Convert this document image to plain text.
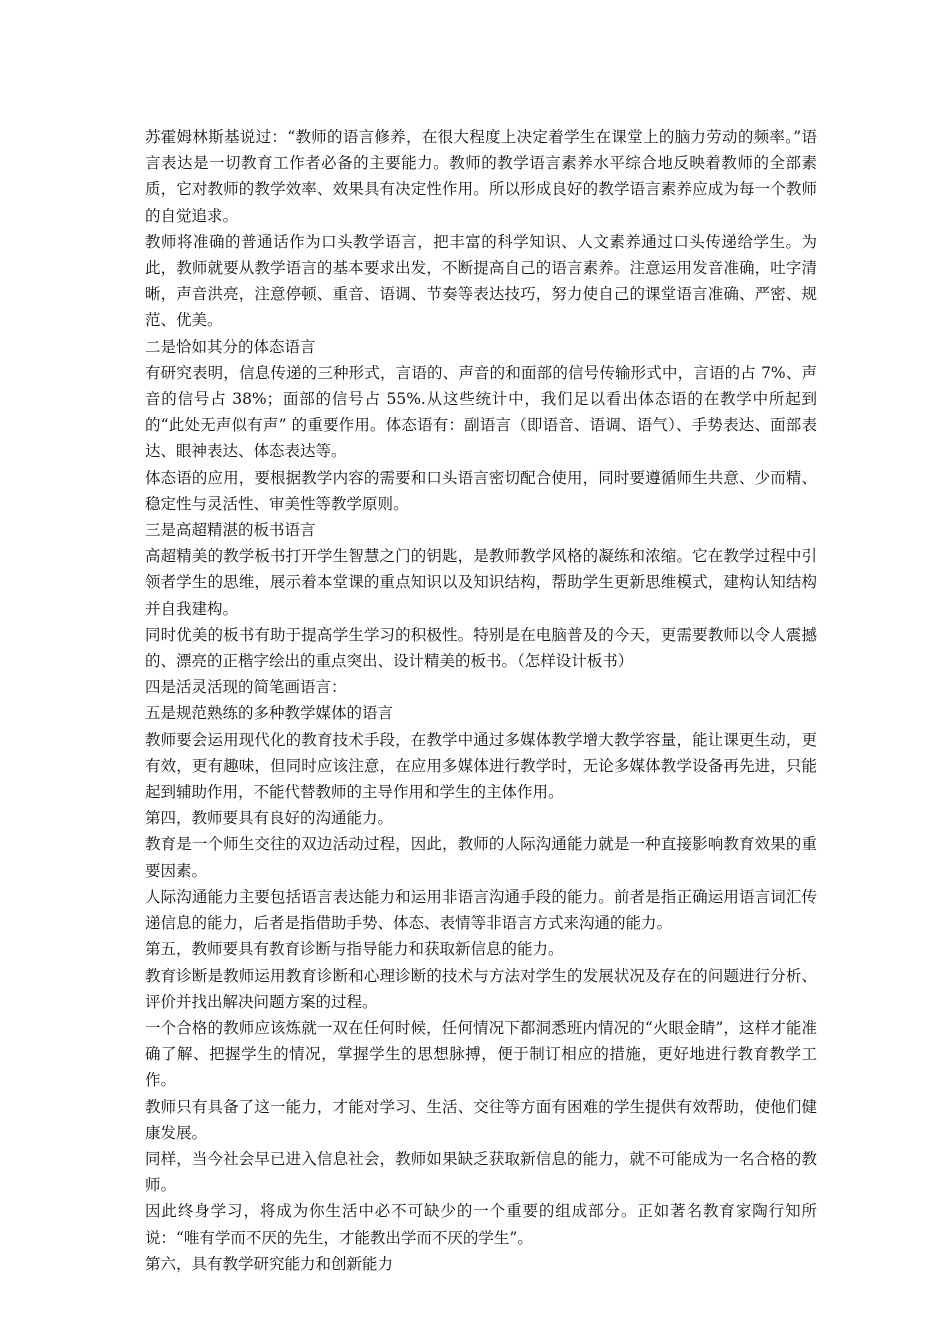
苏霍姆林斯基说过：“教师的语言修养，在很大程度上决定着学生在课堂上的脑力劳动的频率。”语言表达是一切教育工作者必备的主要能力。教师的教学语言素养水平综合地反映着教师的全部素质，它对教师的教学效率、效果具有决定性作用。所以形成良好的教学语言素养应成为每一个教师的自觉追求。

教师将准确的普通话作为口头教学语言，把丰富的科学知识、人文素养通过口头传递给学生。为此，教师就要从教学语言的基本要求出发，不断提高自己的语言素养。注意运用发音准确，吐字清晰，声音洪亮，注意停顿、重音、语调、节奏等表达技巧，努力使自己的课堂语言准确、严密、规范、优美。

二是恰如其分的体态语言

有研究表明，信息传递的三种形式，言语的、声音的和面部的信号传输形式中，言语的占 7%、声音的信号占 38%；面部的信号占 55%.从这些统计中，我们足以看出体态语的在教学中所起到的“此处无声似有声” 的重要作用。体态语有：副语言（即语音、语调、语气）、手势表达、面部表达、眼神表达、体态表达等。

体态语的应用，要根据教学内容的需要和口头语言密切配合使用，同时要遵循师生共意、少而精、稳定性与灵活性、审美性等教学原则。

三是高超精湛的板书语言

高超精美的教学板书打开学生智慧之门的钥匙，是教师教学风格的凝练和浓缩。它在教学过程中引领者学生的思维，展示着本堂课的重点知识以及知识结构，帮助学生更新思维模式，建构认知结构并自我建构。

同时优美的板书有助于提高学生学习的积极性。特别是在电脑普及的今天，更需要教师以令人震撼的、漂亮的正楷字绘出的重点突出、设计精美的板书。（怎样设计板书）

四是活灵活现的简笔画语言：

五是规范熟练的多种教学媒体的语言

教师要会运用现代化的教育技术手段，在教学中通过多媒体教学增大教学容量，能让课更生动，更有效，更有趣味，但同时应该注意，在应用多媒体进行教学时，无论多媒体教学设备再先进，只能起到辅助作用，不能代替教师的主导作用和学生的主体作用。

第四，教师要具有良好的沟通能力。

教育是一个师生交往的双边活动过程，因此，教师的人际沟通能力就是一种直接影响教育效果的重要因素。

人际沟通能力主要包括语言表达能力和运用非语言沟通手段的能力。前者是指正确运用语言词汇传递信息的能力，后者是指借助手势、体态、表情等非语言方式来沟通的能力。

第五，教师要具有教育诊断与指导能力和获取新信息的能力。

教育诊断是教师运用教育诊断和心理诊断的技术与方法对学生的发展状况及存在的问题进行分析、评价并找出解决问题方案的过程。

一个合格的教师应该炼就一双在任何时候，任何情况下都洞悉班内情况的“火眼金睛”，这样才能准确了解、把握学生的情况，掌握学生的思想脉搏，便于制订相应的措施，更好地进行教育教学工作。

教师只有具备了这一能力，才能对学习、生活、交往等方面有困难的学生提供有效帮助，使他们健康发展。

同样，当今社会早已进入信息社会，教师如果缺乏获取新信息的能力，就不可能成为一名合格的教师。

因此终身学习，将成为你生活中必不可缺少的一个重要的组成部分。正如著名教育家陶行知所说：“唯有学而不厌的先生，才能教出学而不厌的学生”。

第六，具有教学研究能力和创新能力
